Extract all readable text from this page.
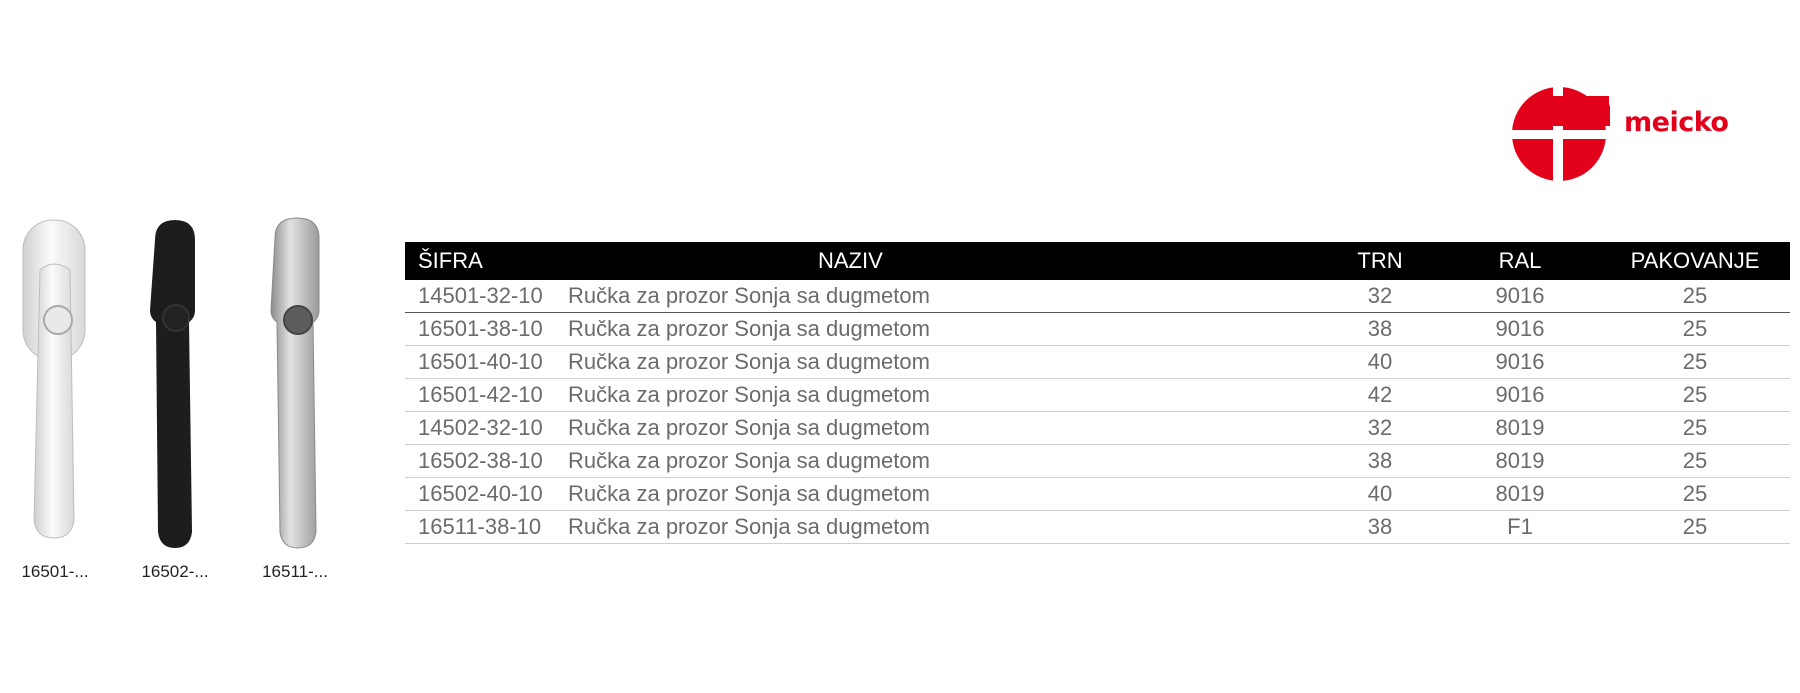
meicko
16501-...	16502-...	16511-...
ŠIFRA	NAZIV	TRN	RAL	PAKOVANJE
14501-32-10	Ručka za prozor Sonja sa dugmetom	32	9016	25
16501-38-10	Ručka za prozor Sonja sa dugmetom	38	9016	25
16501-40-10	Ručka za prozor Sonja sa dugmetom	40	9016	25
16501-42-10	Ručka za prozor Sonja sa dugmetom	42	9016	25
14502-32-10	Ručka za prozor Sonja sa dugmetom	32	8019	25
16502-38-10	Ručka za prozor Sonja sa dugmetom	38	8019	25
16502-40-10	Ručka za prozor Sonja sa dugmetom	40	8019	25
16511-38-10	Ručka za prozor Sonja sa dugmetom	38	F1	25
